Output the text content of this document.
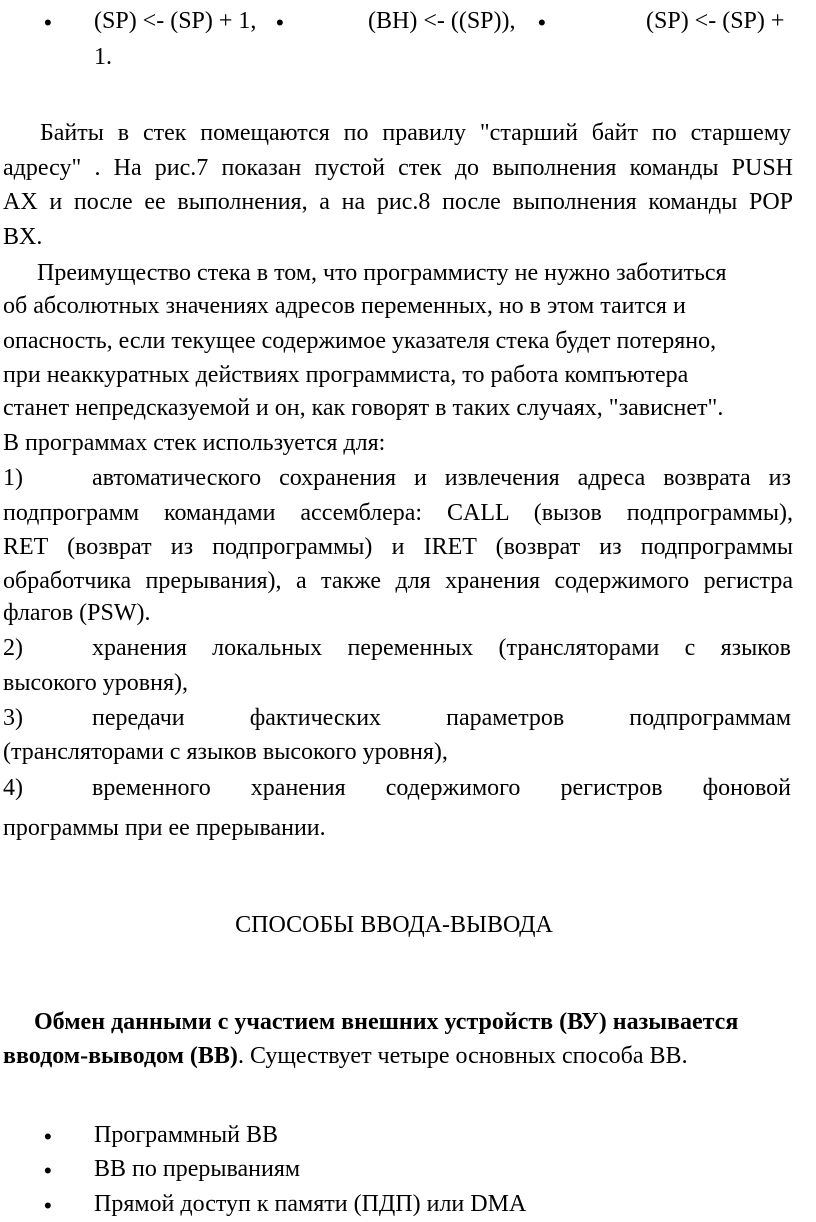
• (SP) <- (SP) + 1, •	(BH) <- ((SP)), •	(SP) <- (SP) +
1.
Байты в стек помещаются по правилу "старший байт по старшему
адресу" . На рис.7 показан пустой стек до выполнения команды PUSH
AX и после ее выполнения, а на рис.8 после выполнения команды POP
BX.
Преимущество стека в том, что программисту не нужно заботиться
об абсолютных значениях адресов переменных, но в этом таится и
опасность, если текущее содержимое указателя стека будет потеряно,
при неаккуратных действиях программиста, то работа компъютера
станет непредсказуемой и он, как говорят в таких случаях, "зависнет".
В программах стек используется для:
1)	автоматического сохранения и извлечения адреса возврата из
подпрограмм командами ассемблера: CALL (вызов подпрограммы),
RET (возврат из подпрограммы) и IRET (возврат из подпрограммы
обработчика прерывания), а также для хранения содержимого регистра
флагов (PSW).
2)	хранения локальных переменных (трансляторами с языков
высокого уровня),
3)	передачи фактических параметров подпрограммам
(трансляторами с языков высокого уровня),
4)	временного хранения содержимого регистров фоновой
программы при ее прерывании.
СПОСОБЫ ВВОДА-ВЫВОДА
Обмен данными с участием внешних устройств (ВУ) называется
вводом-выводом (ВВ). Существует четыре основных способа ВВ.
• Программный ВВ
• ВВ по прерываниям
• Прямой доступ к памяти (ПДП) или DMA
